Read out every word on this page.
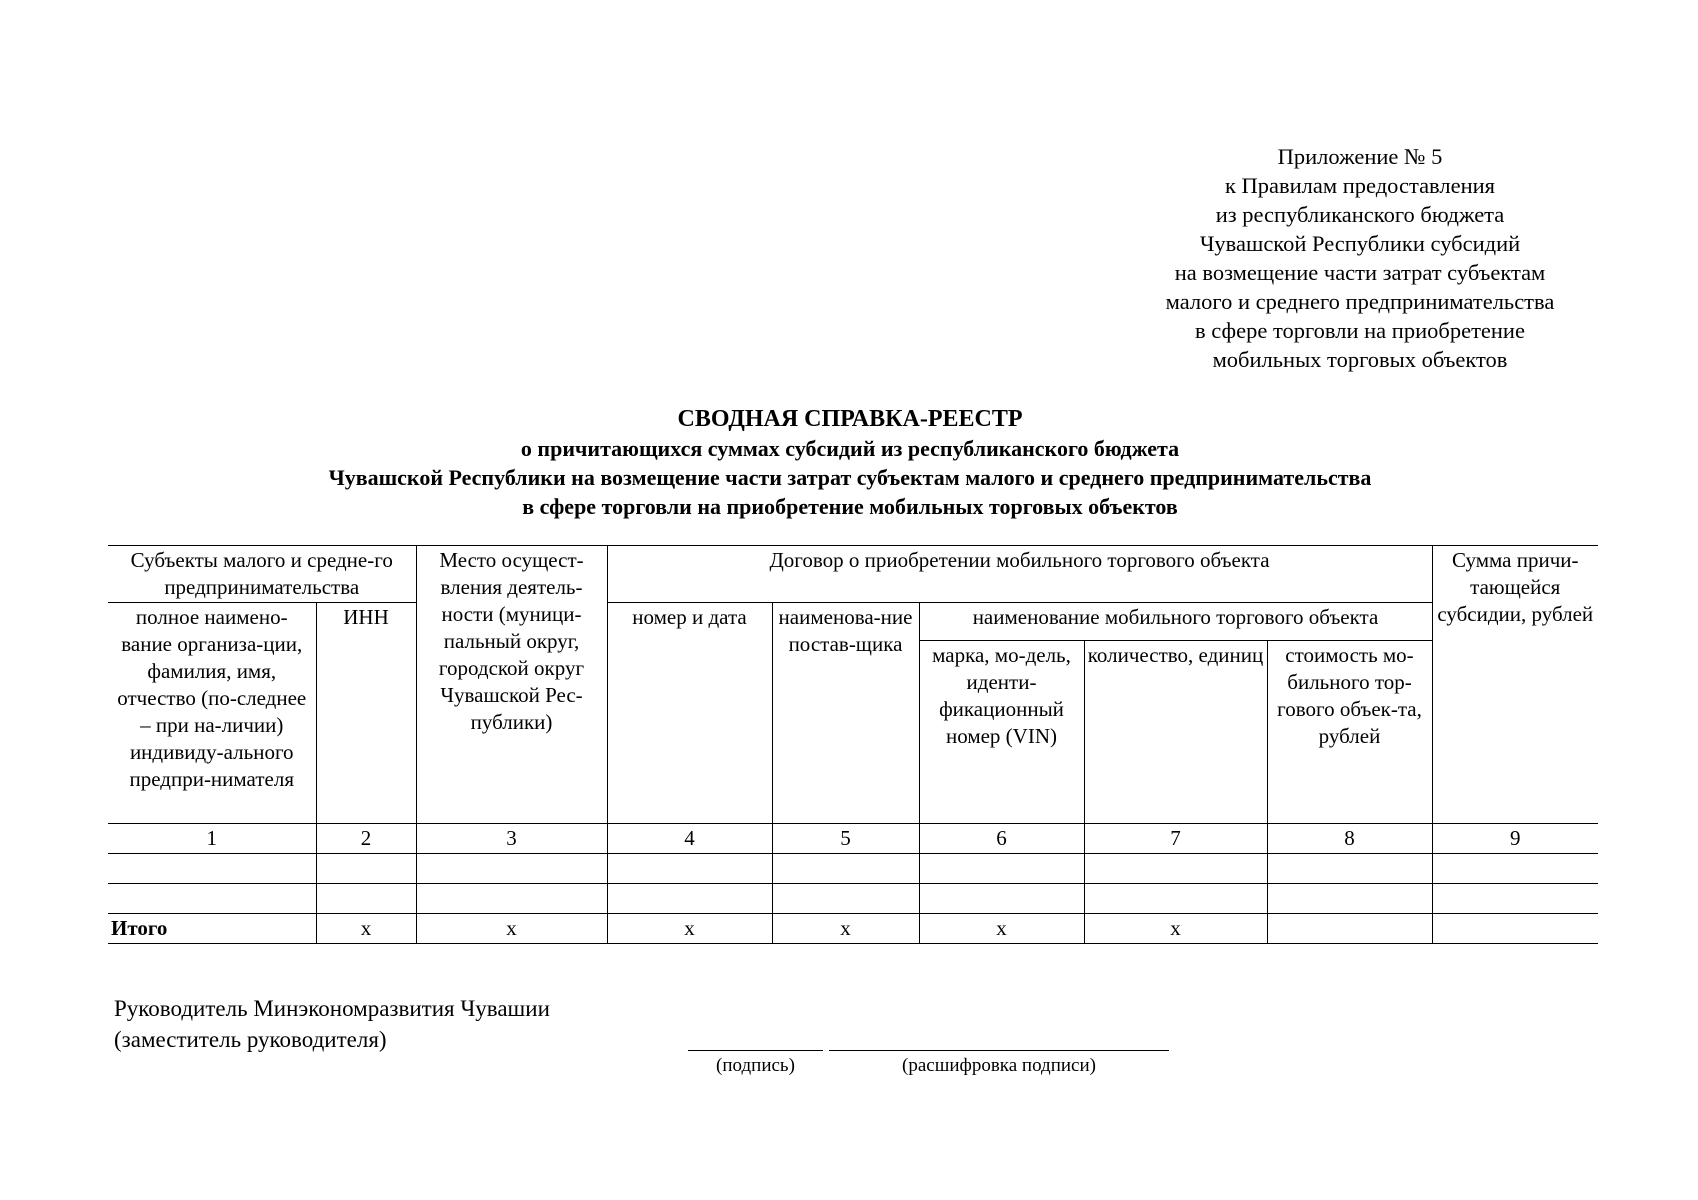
Приложение № 5
к Правилам предоставления
из республиканского бюджета
Чувашской Республики субсидий
на возмещение части затрат субъектам
малого и среднего предпринимательства
в сфере торговли на приобретение
мобильных торговых объектов
СВОДНАЯ СПРАВКА-РЕЕСТР
о причитающихся суммах субсидий из республиканского бюджета
Чувашской Республики на возмещение части затрат субъектам малого и среднего предпринимательства
в сфере торговли на приобретение мобильных торговых объектов
Субъекты малого и средне-го предпринимательства		Место осущест-вления деятель-ности (муници-пальный округ, городской округ Чувашской Рес-публики)	Договор о приобретении мобильного торгового объекта					Сумма причи-тающейся субсидии, рублей
полное наимено-вание организа-ции, фамилия, имя, отчество (по-следнее – при на-личии) индивиду-ального предпри-нимателя	ИНН		номер и дата	наименова-ние постав-щика	наименование мобильного торгового объекта			
					марка, мо-дель, иденти-фикационный номер (VIN)	количество, единиц	стоимость мо-бильного тор-гового объек-та, рублей	
1	2	3	4	5	6	7	8	9

Итого	х	х	х	х	х	х		
Руководитель Минэкономразвития Чувашии
(заместитель руководителя)
(подпись)	(расшифровка подписи)
